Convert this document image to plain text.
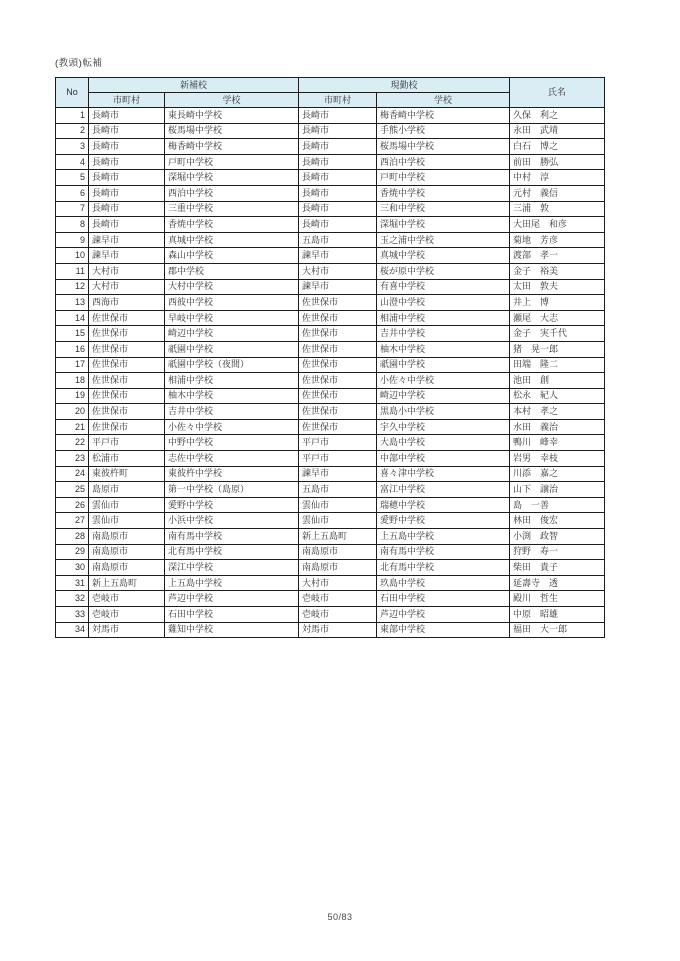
(教頭)転補
No	新補校		現勤校		氏名
	市町村	学校	市町村	学校	
1	長崎市	東長崎中学校	長崎市	梅香崎中学校	久保　利之
2	長崎市	桜馬場中学校	長崎市	手熊小学校	永田　武靖
3	長崎市	梅香崎中学校	長崎市	桜馬場中学校	白石　博之
4	長崎市	戸町中学校	長崎市	西泊中学校	前田　勝弘
5	長崎市	深堀中学校	長崎市	戸町中学校	中村　淳
6	長崎市	西泊中学校	長崎市	香焼中学校	元村　義信
7	長崎市	三重中学校	長崎市	三和中学校	三浦　敦
8	長崎市	香焼中学校	長崎市	深堀中学校	大田尾　和彦
9	諫早市	真城中学校	五島市	玉之浦中学校	菊地　芳彦
10	諫早市	森山中学校	諫早市	真城中学校	渡部　孝一
11	大村市	郡中学校	大村市	桜が原中学校	金子　裕美
12	大村市	大村中学校	諫早市	有喜中学校	太田　敦夫
13	西海市	西彼中学校	佐世保市	山澄中学校	井上　博
14	佐世保市	早岐中学校	佐世保市	相浦中学校	瀬尾　大志
15	佐世保市	崎辺中学校	佐世保市	吉井中学校	金子　実千代
16	佐世保市	祇園中学校	佐世保市	柚木中学校	猪　晃一郎
17	佐世保市	祇園中学校（夜間）	佐世保市	祇園中学校	田端　隆二
18	佐世保市	相浦中学校	佐世保市	小佐々中学校	池田　創
19	佐世保市	柚木中学校	佐世保市	崎辺中学校	松永　紀人
20	佐世保市	吉井中学校	佐世保市	黒島小中学校	本村　孝之
21	佐世保市	小佐々中学校	佐世保市	宇久中学校	水田　義治
22	平戸市	中野中学校	平戸市	大島中学校	鴨川　峰幸
23	松浦市	志佐中学校	平戸市	中部中学校	岩男　幸枝
24	東彼杵町	東彼杵中学校	諫早市	喜々津中学校	川添　嘉之
25	島原市	第一中学校（島原）	五島市	富江中学校	山下　譲治
26	雲仙市	愛野中学校	雲仙市	瑞穂中学校	島　一善
27	雲仙市	小浜中学校	雲仙市	愛野中学校	林田　俊宏
28	南島原市	南有馬中学校	新上五島町	上五島中学校	小渕　政智
29	南島原市	北有馬中学校	南島原市	南有馬中学校	狩野　寿一
30	南島原市	深江中学校	南島原市	北有馬中学校	柴田　貴子
31	新上五島町	上五島中学校	大村市	玖島中学校	延壽寺　透
32	壱岐市	芦辺中学校	壱岐市	石田中学校	殿川　哲生
33	壱岐市	石田中学校	壱岐市	芦辺中学校	中原　昭雄
34	対馬市	雞知中学校	対馬市	東部中学校	福田　大一郎
50/83
